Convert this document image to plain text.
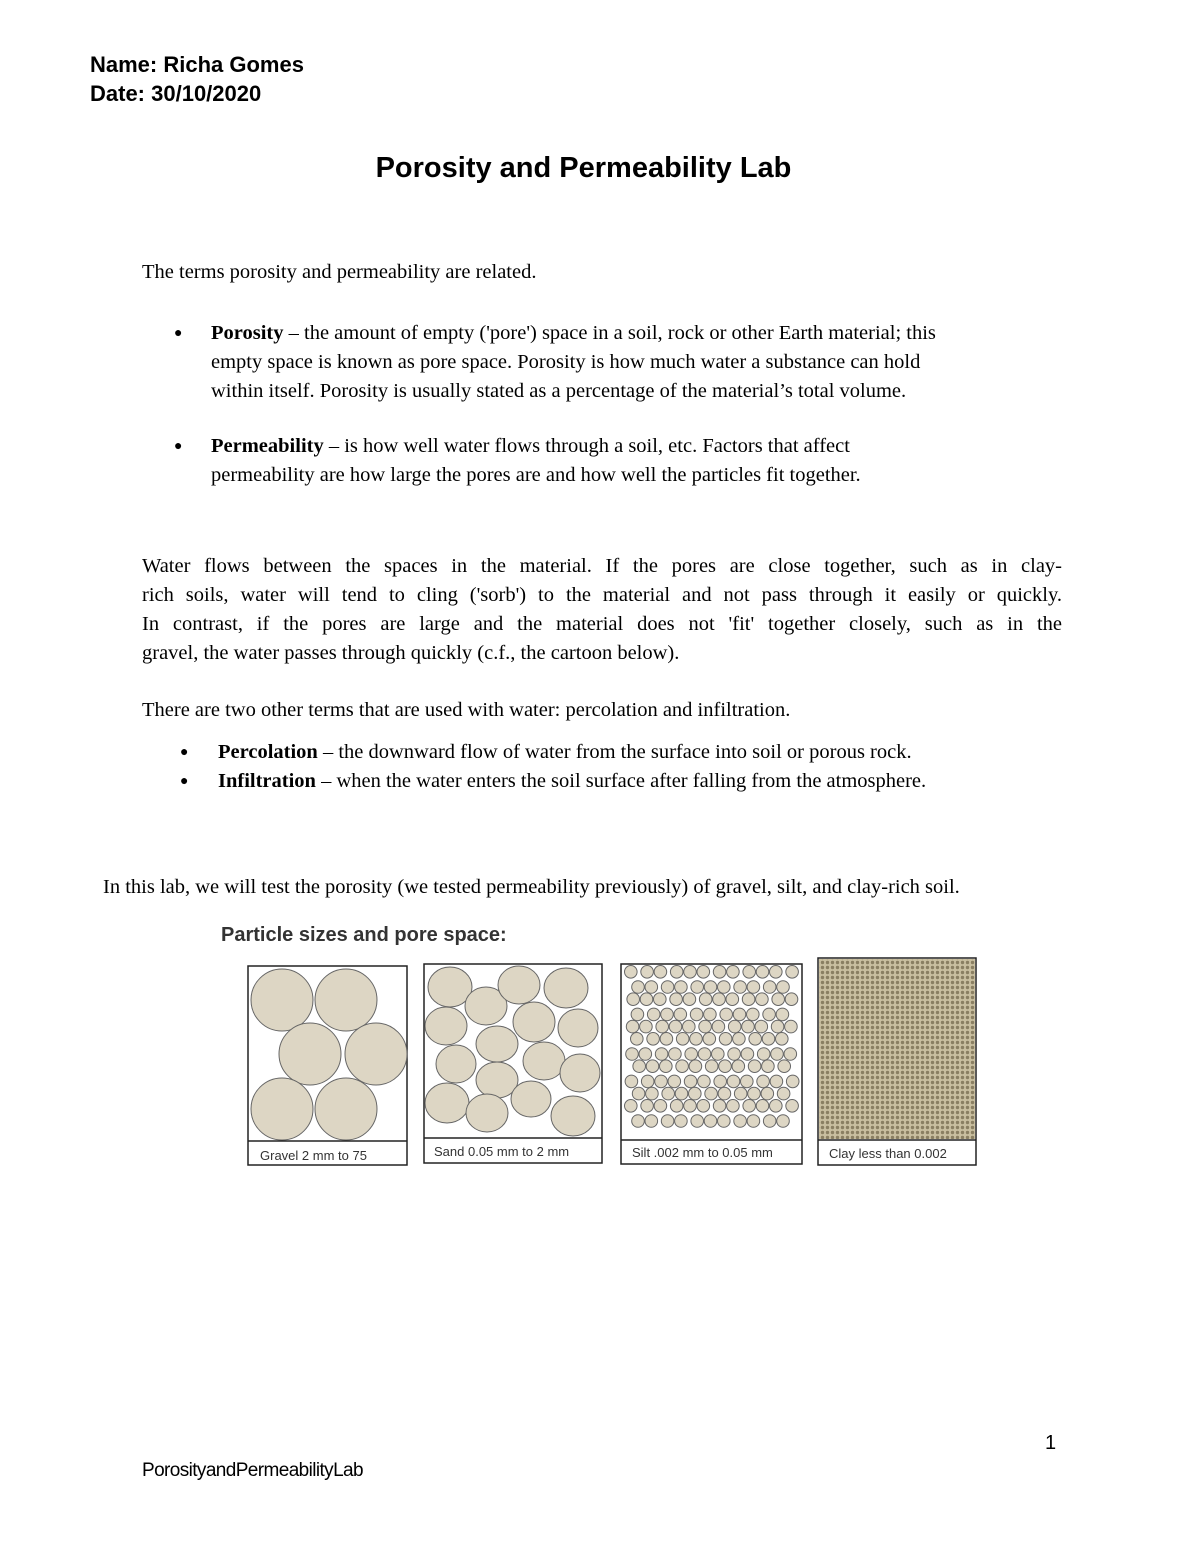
Name: Richa Gomes
Date: 30/10/2020
Porosity and Permeability Lab
The terms porosity and permeability are related.
● Porosity – the amount of empty ('pore') space in a soil, rock or other Earth material; this
empty space is known as pore space. Porosity is how much water a substance can hold
within itself. Porosity is usually stated as a percentage of the material’s total volume.
● Permeability – is how well water flows through a soil, etc. Factors that affect
permeability are how large the pores are and how well the particles fit together.
Water flows between the spaces in the material. If the pores are close together, such as in clay-
rich soils, water will tend to cling ('sorb') to the material and not pass through it easily or quickly.
In contrast, if the pores are large and the material does not 'fit' together closely, such as in the
gravel, the water passes through quickly (c.f., the cartoon below).
There are two other terms that are used with water: percolation and infiltration.
● Percolation – the downward flow of water from the surface into soil or porous rock.
● Infiltration – when the water enters the soil surface after falling from the atmosphere.
In this lab, we will test the porosity (we tested permeability previously) of gravel, silt, and clay-rich soil.
Particle sizes and pore space:
Gravel 2 mm to 75	Sand 0.05 mm to 2 mm	Silt .002 mm to 0.05 mm	Clay less than 0.002
1
PorosityandPermeabilityLab
